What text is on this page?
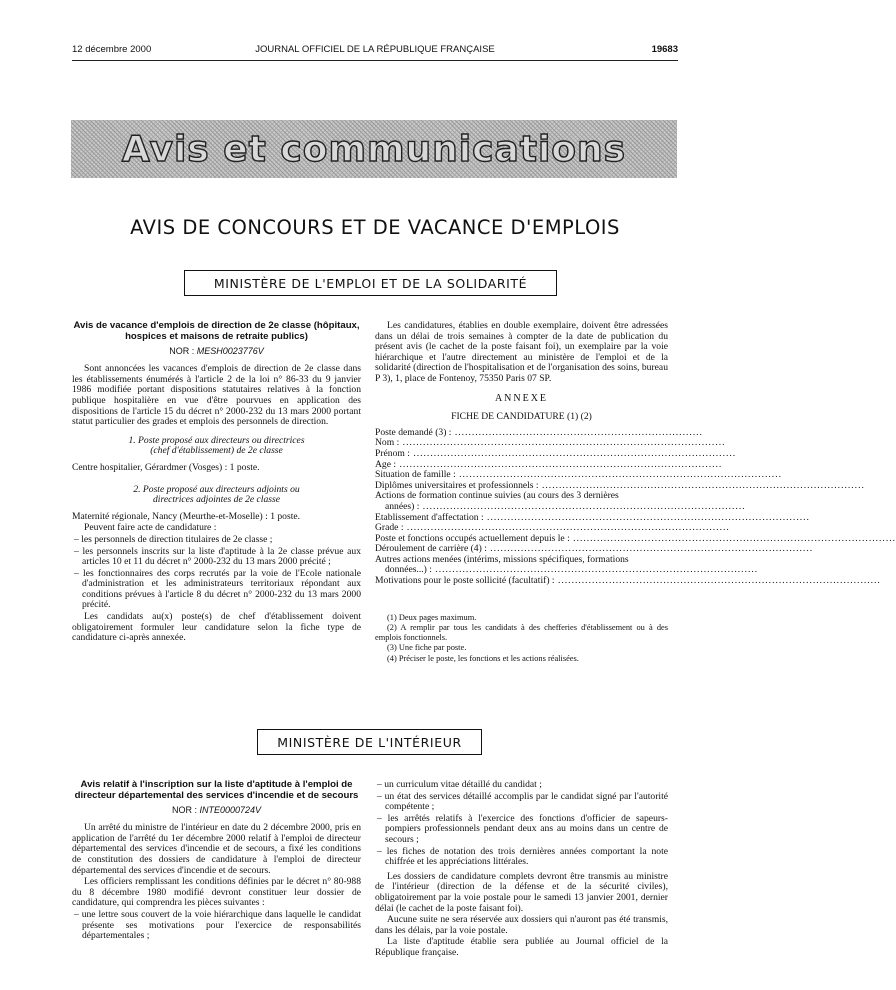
12 décembre 2000	JOURNAL OFFICIEL DE LA RÉPUBLIQUE FRANÇAISE	19683
Avis et communications
AVIS DE CONCOURS ET DE VACANCE D'EMPLOIS
MINISTÈRE DE L'EMPLOI ET DE LA SOLIDARITÉ
Avis de vacance d'emplois de direction de 2e classe (hôpitaux, hospices et maisons de retraite publics)
NOR : MESH0023776V

Sont annoncées les vacances d'emplois de direction de 2e classe dans les établissements énumérés à l'article 2 de la loi n° 86-33 du 9 janvier 1986 modifiée portant dispositions statutaires relatives à la fonction publique hospitalière en vue d'être pourvues en application des dispositions de l'article 15 du décret n° 2000-232 du 13 mars 2000 portant statut particulier des grades et emplois des personnels de direction.

1. Poste proposé aux directeurs ou directrices (chef d'établissement) de 2e classe

Centre hospitalier, Gérardmer (Vosges) : 1 poste.

2. Poste proposé aux directeurs adjoints ou directrices adjointes de 2e classe

Maternité régionale, Nancy (Meurthe-et-Moselle) : 1 poste.

Peuvent faire acte de candidature :

– les personnels de direction titulaires de 2e classe ;

– les personnels inscrits sur la liste d'aptitude à la 2e classe prévue aux articles 10 et 11 du décret n° 2000-232 du 13 mars 2000 précité ;

– les fonctionnaires des corps recrutés par la voie de l'Ecole nationale d'administration et les administrateurs territoriaux répondant aux conditions prévues à l'article 8 du décret n° 2000-232 du 13 mars 2000 précité.

Les candidats au(x) poste(s) de chef d'établissement doivent obligatoirement formuler leur candidature selon la fiche type de candidature ci-après annexée.

Les candidatures, établies en double exemplaire, doivent être adressées dans un délai de trois semaines à compter de la date de publication du présent avis (le cachet de la poste faisant foi), un exemplaire par la voie hiérarchique et l'autre directement au ministère de l'emploi et de la solidarité (direction de l'hospitalisation et de l'organisation des soins, bureau P 3), 1, place de Fontenoy, 75350 Paris 07 SP.

ANNEXE
FICHE DE CANDIDATURE (1) (2)
Poste demandé (3) : .........................................................................
Nom : ...............................................................................................
Prénom : ...............................................................................................
Age : ...............................................................................................
Situation de famille : ...............................................................................................
Diplômes universitaires et professionnels : ...............................................................................................
Actions de formation continue suivies (au cours des 3 dernières
années) : ...............................................................................................
Etablissement d'affectation : ...............................................................................................
Grade : ...............................................................................................
Poste et fonctions occupés actuellement depuis le : ...............................................................................................
Déroulement de carrière (4) : ...............................................................................................
Autres actions menées (intérims, missions spécifiques, formations
données...) : ...............................................................................................
Motivations pour le poste sollicité (facultatif) : ...............................................................................................

(1) Deux pages maximum.

(2) A remplir par tous les candidats à des chefferies d'établissement ou à des emplois fonctionnels.

(3) Une fiche par poste.

(4) Préciser le poste, les fonctions et les actions réalisées.

MINISTÈRE DE L'INTÉRIEUR
Avis relatif à l'inscription sur la liste d'aptitude à l'emploi de directeur départemental des services d'incendie et de secours
NOR : INTE0000724V

Un arrêté du ministre de l'intérieur en date du 2 décembre 2000, pris en application de l'arrêté du 1er décembre 2000 relatif à l'emploi de directeur départemental des services d'incendie et de secours, a fixé les conditions de constitution des dossiers de candidature à l'emploi de directeur départemental des services d'incendie et de secours.

Les officiers remplissant les conditions définies par le décret n° 80-988 du 8 décembre 1980 modifié devront constituer leur dossier de candidature, qui comprendra les pièces suivantes :

– une lettre sous couvert de la voie hiérarchique dans laquelle le candidat présente ses motivations pour l'exercice de responsabilités départementales ;

– un curriculum vitae détaillé du candidat ;

– un état des services détaillé accomplis par le candidat signé par l'autorité compétente ;

– les arrêtés relatifs à l'exercice des fonctions d'officier de sapeurs-pompiers professionnels pendant deux ans au moins dans un centre de secours ;

– les fiches de notation des trois dernières années comportant la note chiffrée et les appréciations littérales.

Les dossiers de candidature complets devront être transmis au ministre de l'intérieur (direction de la défense et de la sécurité civiles), obligatoirement par la voie postale pour le samedi 13 janvier 2001, dernier délai (le cachet de la poste faisant foi).

Aucune suite ne sera réservée aux dossiers qui n'auront pas été transmis, dans les délais, par la voie postale.

La liste d'aptitude établie sera publiée au Journal officiel de la République française.
